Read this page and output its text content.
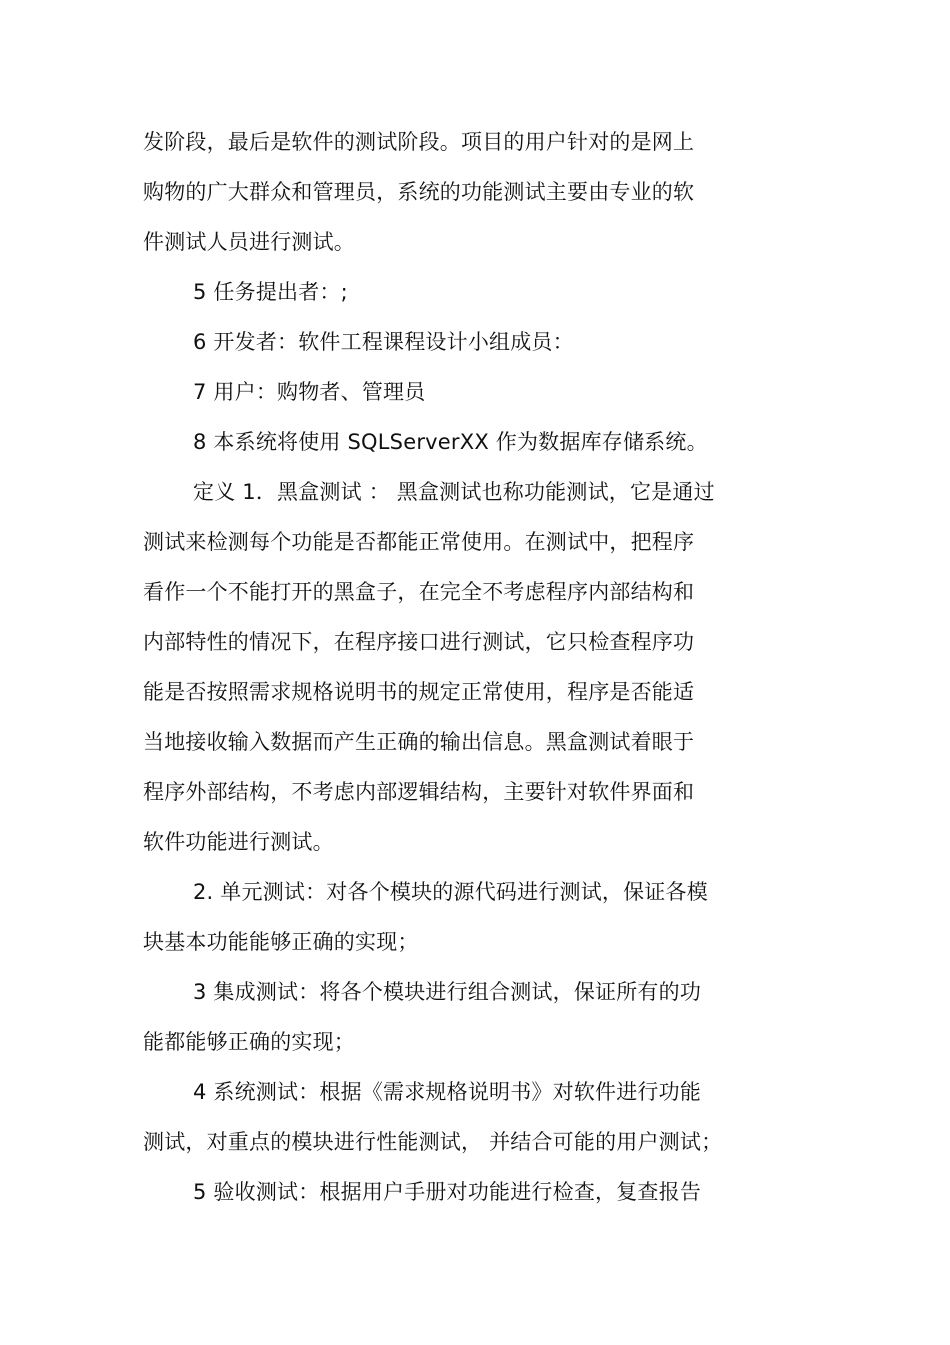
发阶段，最后是软件的测试阶段。项目的用户针对的是网上
购物的广大群众和管理员，系统的功能测试主要由专业的软
件测试人员进行测试。
5 任务提出者：;
6 开发者：软件工程课程设计小组成员：
7 用户：购物者、管理员
8 本系统将使用 SQLServerXX 作为数据库存储系统。
定义 1．黑盒测试 ： 黑盒测试也称功能测试，它是通过
测试来检测每个功能是否都能正常使用。在测试中，把程序
看作一个不能打开的黑盒子，在完全不考虑程序内部结构和
内部特性的情况下，在程序接口进行测试，它只检查程序功
能是否按照需求规格说明书的规定正常使用，程序是否能适
当地接收输入数据而产生正确的输出信息。黑盒测试着眼于
程序外部结构，不考虑内部逻辑结构，主要针对软件界面和
软件功能进行测试。
2. 单元测试：对各个模块的源代码进行测试，保证各模
块基本功能能够正确的实现；
3 集成测试：将各个模块进行组合测试，保证所有的功
能都能够正确的实现；
4 系统测试：根据《需求规格说明书》对软件进行功能
测试，对重点的模块进行性能测试， 并结合可能的用户测试；
5 验收测试：根据用户手册对功能进行检查，复查报告
